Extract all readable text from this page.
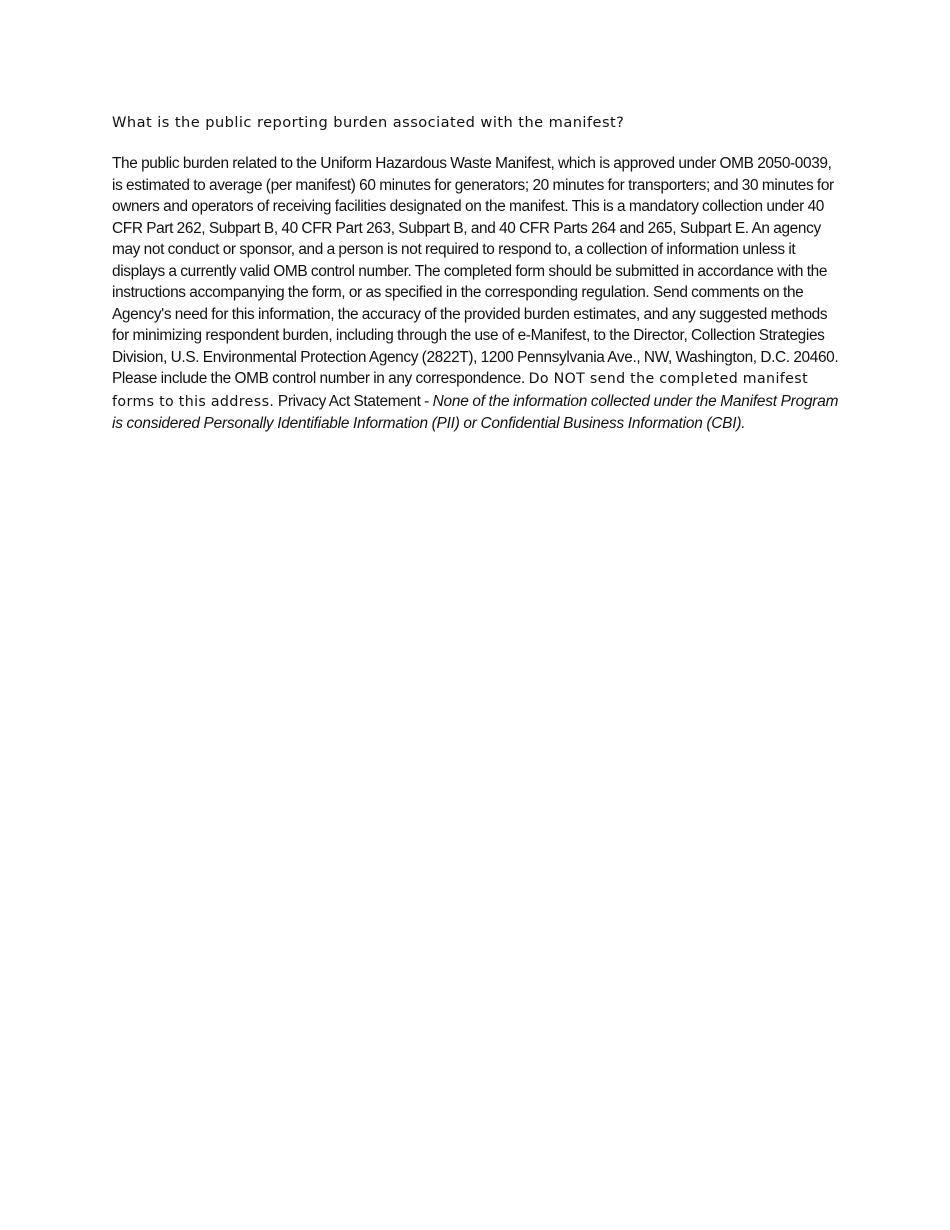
What is the public reporting burden associated with the manifest?

The public burden related to the Uniform Hazardous Waste Manifest, which is approved under OMB 2050-0039, is estimated to average (per manifest) 60 minutes for generators; 20 minutes for transporters; and 30 minutes for owners and operators of receiving facilities designated on the manifest. This is a mandatory collection under 40 CFR Part 262, Subpart B, 40 CFR Part 263, Subpart B, and 40 CFR Parts 264 and 265, Subpart E. An agency may not conduct or sponsor, and a person is not required to respond to, a collection of information unless it displays a currently valid OMB control number. The completed form should be submitted in accordance with the instructions accompanying the form, or as specified in the corresponding regulation. Send comments on the Agency's need for this information, the accuracy of the provided burden estimates, and any suggested methods for minimizing respondent burden, including through the use of e-Manifest, to the Director, Collection Strategies Division, U.S. Environmental Protection Agency (2822T), 1200 Pennsylvania Ave., NW, Washington, D.C. 20460. Please include the OMB control number in any correspondence. Do NOT send the completed manifest forms to this address. Privacy Act Statement - None of the information collected under the Manifest Program is considered Personally Identifiable Information (PII) or Confidential Business Information (CBI).
